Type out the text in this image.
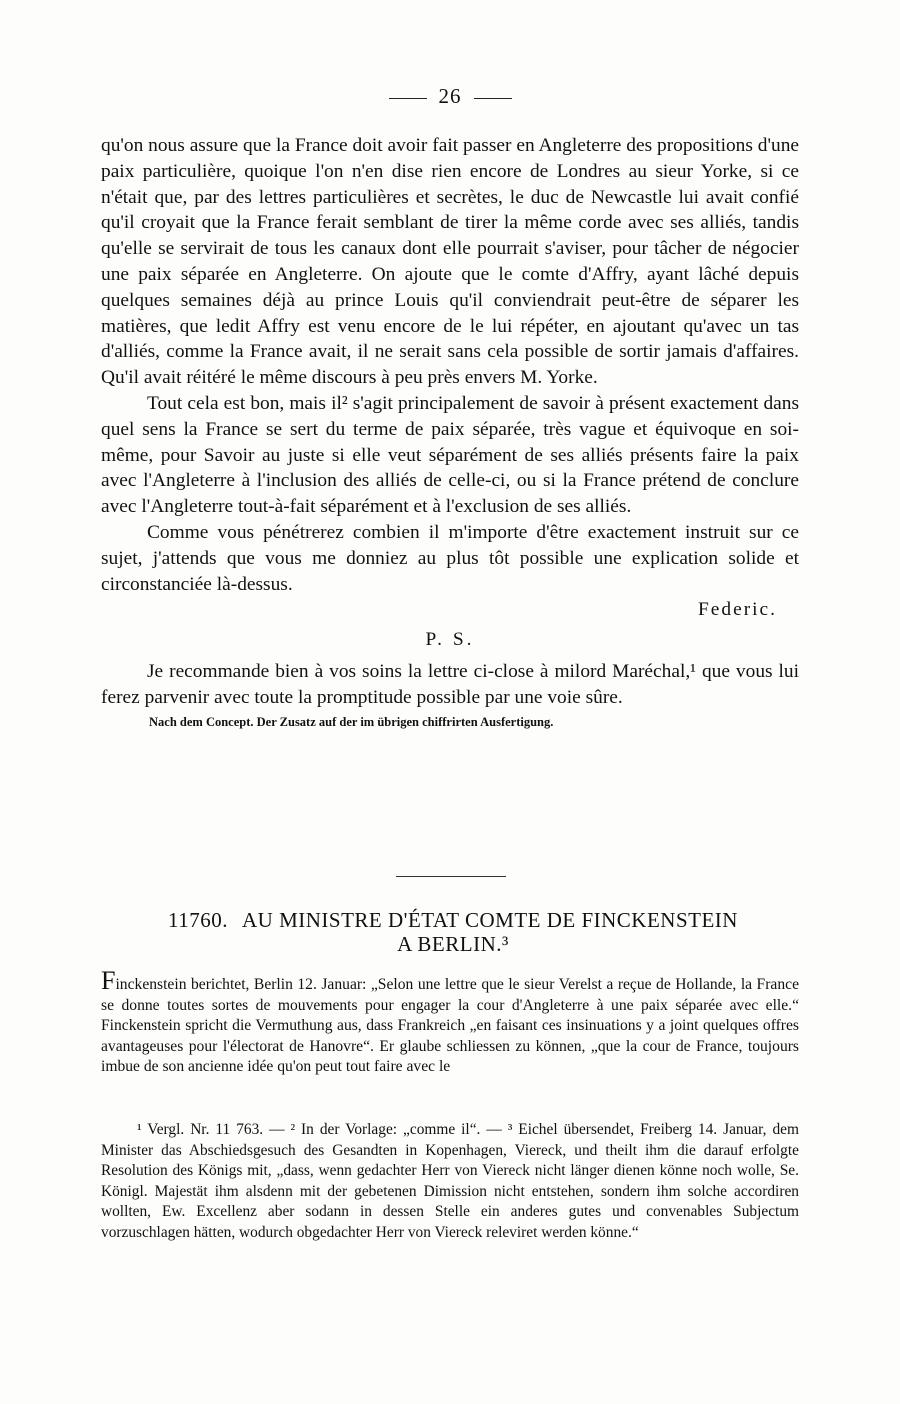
26

qu'on nous assure que la France doit avoir fait passer en Angleterre des propositions d'une paix particulière, quoique l'on n'en dise rien encore de Londres au sieur Yorke, si ce n'était que, par des lettres particulières et secrètes, le duc de Newcastle lui avait confié qu'il croyait que la France ferait semblant de tirer la même corde avec ses alliés, tandis qu'elle se servirait de tous les canaux dont elle pourrait s'aviser, pour tâcher de négocier une paix séparée en Angleterre. On ajoute que le comte d'Affry, ayant lâché depuis quelques semaines déjà au prince Louis qu'il conviendrait peut-être de séparer les matières, que ledit Affry est venu encore de le lui répéter, en ajoutant qu'avec un tas d'alliés, comme la France avait, il ne serait sans cela possible de sortir jamais d'affaires. Qu'il avait réitéré le même discours à peu près envers M. Yorke.

Tout cela est bon, mais il² s'agit principalement de savoir à présent exactement dans quel sens la France se sert du terme de paix séparée, très vague et équivoque en soi-même, pour Savoir au juste si elle veut séparément de ses alliés présents faire la paix avec l'Angleterre à l'inclusion des alliés de celle-ci, ou si la France prétend de conclure avec l'Angleterre tout-à-fait séparément et à l'exclusion de ses alliés.

Comme vous pénétrerez combien il m'importe d'être exactement instruit sur ce sujet, j'attends que vous me donniez au plus tôt possible une explication solide et circonstanciée là-dessus.

Federic.

P. S.

Je recommande bien à vos soins la lettre ci-close à milord Maréchal,¹ que vous lui ferez parvenir avec toute la promptitude possible par une voie sûre.

Nach dem Concept. Der Zusatz auf der im übrigen chiffrirten Ausfertigung.

11760. AU MINISTRE D'ÉTAT COMTE DE FINCKENSTEIN
A BERLIN.³

Finckenstein berichtet, Berlin 12. Januar: „Selon une lettre que le sieur Verelst a reçue de Hollande, la France se donne toutes sortes de mouvements pour engager la cour d'Angleterre à une paix séparée avec elle.“ Finckenstein spricht die Vermuthung aus, dass Frankreich „en faisant ces insinuations y a joint quelques offres avantageuses pour l'électorat de Hanovre“. Er glaube schliessen zu können, „que la cour de France, toujours imbue de son ancienne idée qu'on peut tout faire avec le

¹ Vergl. Nr. 11 763. — ² In der Vorlage: „comme il“. — ³ Eichel übersendet, Freiberg 14. Januar, dem Minister das Abschiedsgesuch des Gesandten in Kopenhagen, Viereck, und theilt ihm die darauf erfolgte Resolution des Königs mit, „dass, wenn gedachter Herr von Viereck nicht länger dienen könne noch wolle, Se. Königl. Majestät ihm alsdenn mit der gebetenen Dimission nicht entstehen, sondern ihm solche accordiren wollten, Ew. Excellenz aber sodann in dessen Stelle ein anderes gutes und convenables Subjectum vorzuschlagen hätten, wodurch obgedachter Herr von Viereck releviret werden könne.“
